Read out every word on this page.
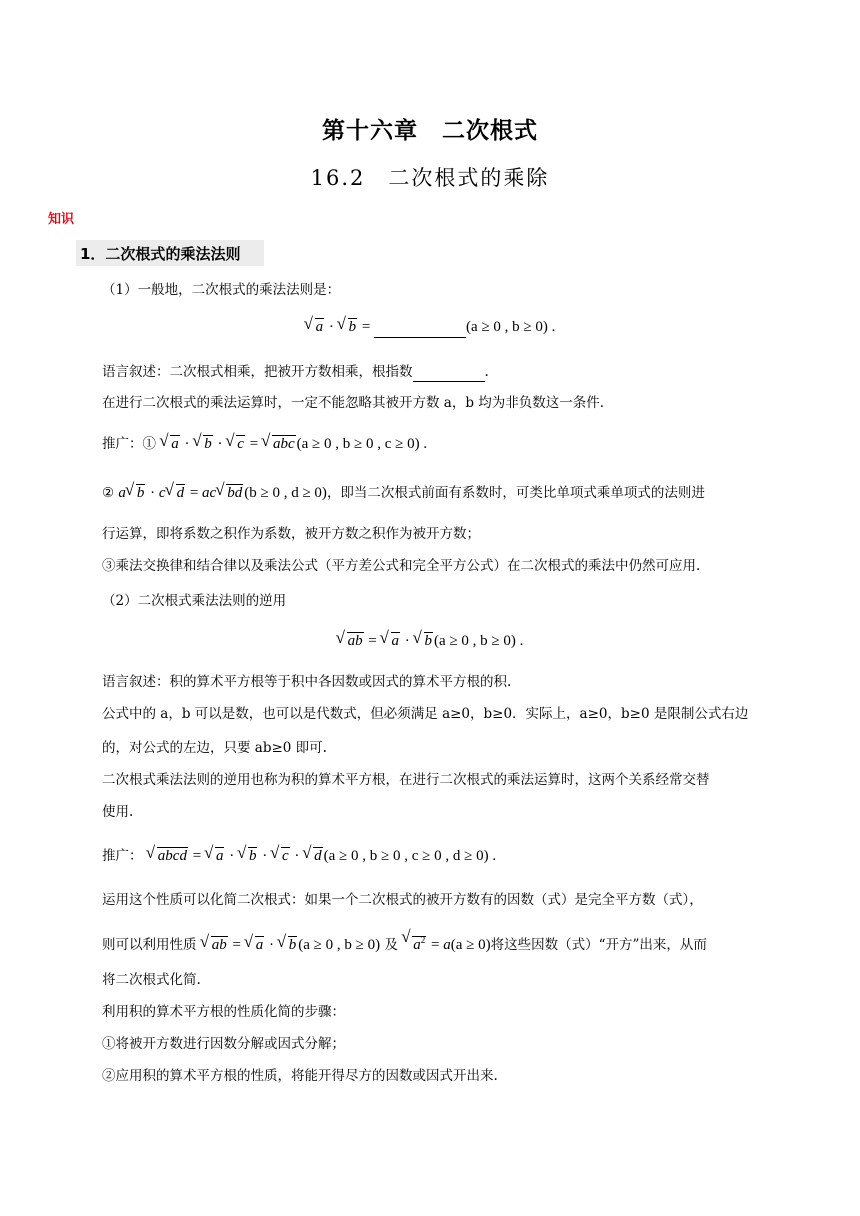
第十六章　二次根式
16.2　二次根式的乘除
知识
1．二次根式的乘法法则
（1）一般地，二次根式的乘法法则是：
√ a · √ b =	(a ≥ 0 , b ≥ 0) .
语言叙述：二次根式相乘，把被开方数相乘，根指数	.
在进行二次根式的乘法运算时，一定不能忽略其被开方数 a，b 均为非负数这一条件.
推广：① √ a · √ b · √ c = √ abc (a ≥ 0 , b ≥ 0 , c ≥ 0) .
② a √ b · c √ d = ac √ bd (b ≥ 0 , d ≥ 0)，即当二次根式前面有系数时，可类比单项式乘单项式的法则进
行运算，即将系数之积作为系数，被开方数之积作为被开方数；
③乘法交换律和结合律以及乘法公式（平方差公式和完全平方公式）在二次根式的乘法中仍然可应用.
（2）二次根式乘法法则的逆用
√ ab = √ a · √ b (a ≥ 0 , b ≥ 0) .
语言叙述：积的算术平方根等于积中各因数或因式的算术平方根的积.
公式中的 a，b 可以是数，也可以是代数式，但必须满足 a≥0，b≥0．实际上，a≥0，b≥0 是限制公式右边
的，对公式的左边，只要 ab≥0 即可.
二次根式乘法法则的逆用也称为积的算术平方根，在进行二次根式的乘法运算时，这两个关系经常交替
使用.
推广： √ abcd = √ a · √ b · √ c · √ d (a ≥ 0 , b ≥ 0 , c ≥ 0 , d ≥ 0) .
运用这个性质可以化简二次根式：如果一个二次根式的被开方数有的因数（式）是完全平方数（式），
则可以利用性质 √ ab = √ a · √ b (a ≥ 0 , b ≥ 0) 及 √ $a^2 = a(a \ge 0)$将这些因数（式）“开方”出来，从而
将二次根式化简.
利用积的算术平方根的性质化简的步骤：
①将被开方数进行因数分解或因式分解；
②应用积的算术平方根的性质，将能开得尽方的因数或因式开出来.
